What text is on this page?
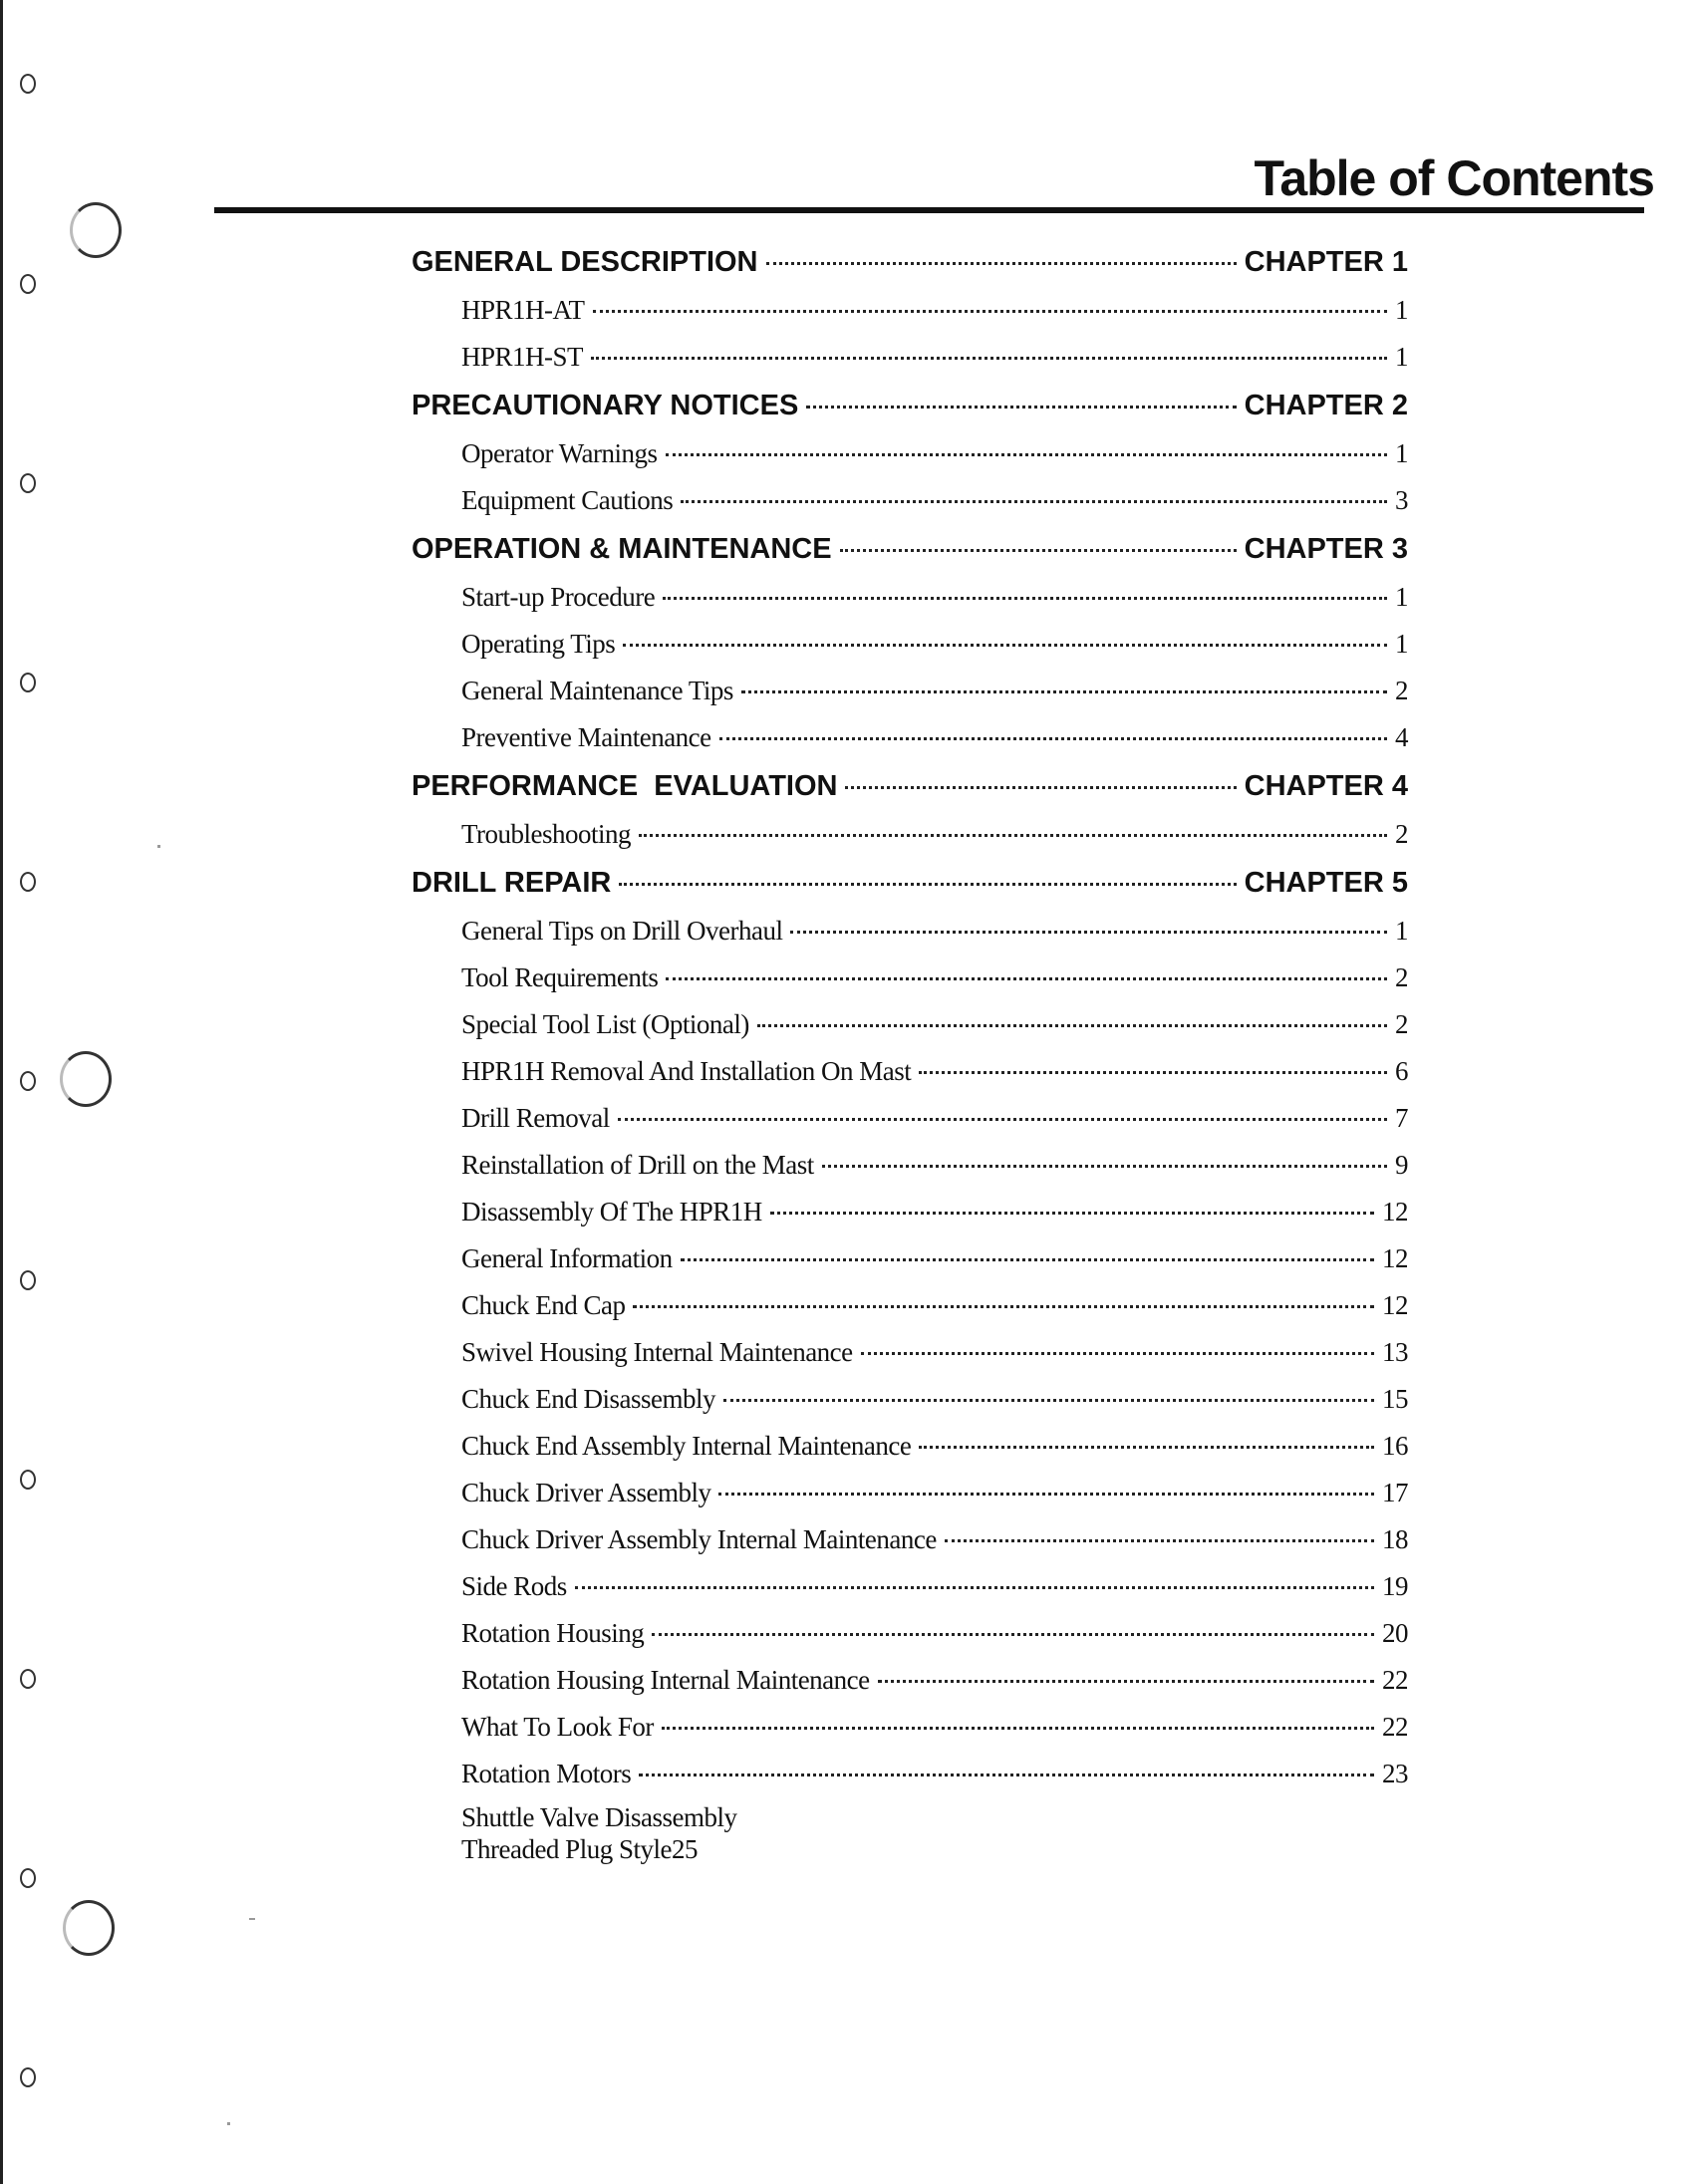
Table of Contents
GENERAL DESCRIPTION	CHAPTER 1
HPR1H-AT	1
HPR1H-ST	1
PRECAUTIONARY NOTICES	CHAPTER 2
Operator Warnings	1
Equipment Cautions	3
OPERATION & MAINTENANCE	CHAPTER 3
Start-up Procedure	1
Operating Tips	1
General Maintenance Tips	2
Preventive Maintenance	4
PERFORMANCE  EVALUATION	CHAPTER 4
Troubleshooting	2
DRILL REPAIR	CHAPTER 5
General Tips on Drill Overhaul	1
Tool Requirements	2
Special Tool List (Optional)	2
HPR1H Removal And Installation On Mast	6
Drill Removal	7
Reinstallation of Drill on the Mast	9
Disassembly Of The HPR1H	12
General Information	12
Chuck End Cap	12
Swivel Housing Internal Maintenance	13
Chuck End Disassembly	15
Chuck End Assembly Internal Maintenance	16
Chuck Driver Assembly	17
Chuck Driver Assembly Internal Maintenance	18
Side Rods	19
Rotation Housing	20
Rotation Housing Internal Maintenance	22
What To Look For	22
Rotation Motors	23
Shuttle Valve Disassembly
Threaded Plug Style 25
